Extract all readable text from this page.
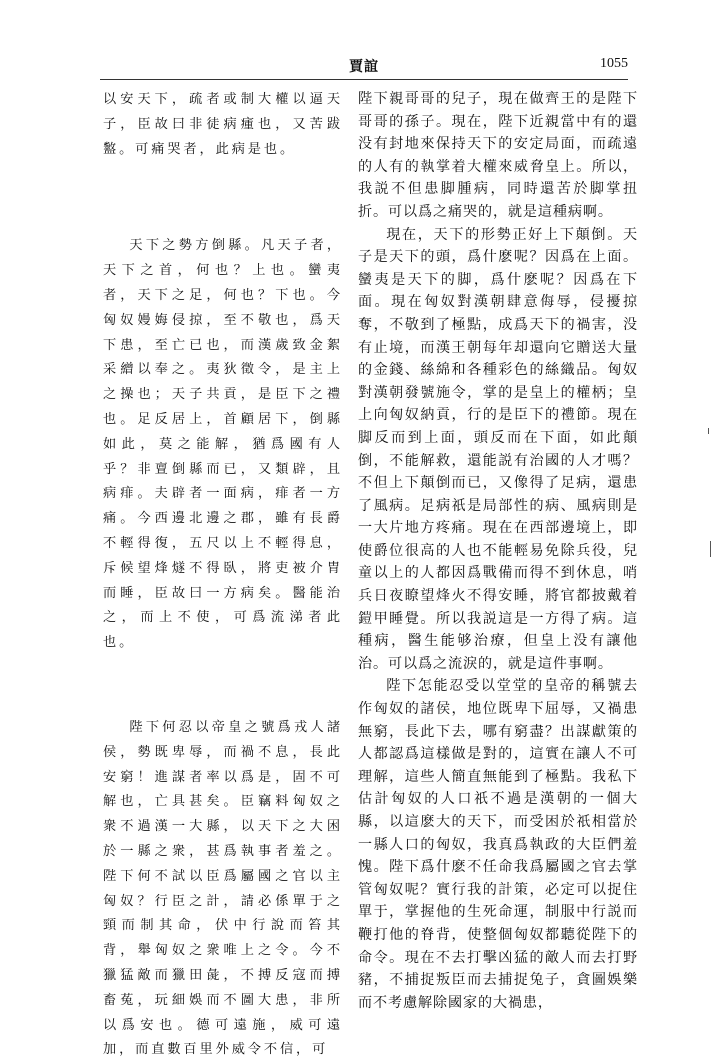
賈誼	1055

以安天下，疏者或制大權以逼天子，臣故曰非徒病瘇也，又苦跋盭。可痛哭者，此病是也。

天下之勢方倒縣。凡天子者，天下之首，何也？上也。蠻夷者，天下之足，何也？下也。今匈奴嫚娒侵掠，至不敬也，爲天下患，至亡已也，而漢歲致金絮采繒以奉之。夷狄徵令，是主上之操也；天子共貢，是臣下之禮也。足反居上，首顧居下，倒縣如此，莫之能解，猶爲國有人乎？非亶倒縣而已，又類辟，且病痱。夫辟者一面病，痱者一方痛。今西邊北邊之郡，雖有長爵不輕得復，五尺以上不輕得息，斥候望烽燧不得臥，將吏被介胄而睡，臣故曰一方病矣。醫能治之，而上不使，可爲流涕者此也。

陛下何忍以帝皇之號爲戎人諸侯，勢既卑辱，而禍不息，長此安窮！進謀者率以爲是，固不可解也，亡具甚矣。臣竊料匈奴之衆不過漢一大縣，以天下之大困於一縣之衆，甚爲執事者羞之。陛下何不試以臣爲屬國之官以主匈奴？行臣之計，請必係單于之頸而制其命，伏中行說而笞其背，舉匈奴之衆唯上之令。今不獵猛敵而獵田彘，不搏反寇而搏畜菟，玩細娛而不圖大患，非所以爲安也。德可遠施，威可遠加，而直數百里外威令不信，可

陛下親哥哥的兒子，現在做齊王的是陛下哥哥的孫子。現在，陛下近親當中有的還没有封地來保持天下的安定局面，而疏遠的人有的執掌着大權來威脅皇上。所以，我説不但患脚腫病，同時還苦於脚掌扭折。可以爲之痛哭的，就是這種病啊。

現在，天下的形勢正好上下顛倒。天子是天下的頭，爲什麽呢？因爲在上面。蠻夷是天下的脚，爲什麽呢？因爲在下面。現在匈奴對漢朝肆意侮辱，侵擾掠奪，不敬到了極點，成爲天下的禍害，没有止境，而漢王朝每年却還向它贈送大量的金錢、絲綿和各種彩色的絲織品。匈奴對漢朝發號施令，掌的是皇上的權柄；皇上向匈奴納貢，行的是臣下的禮節。現在脚反而到上面，頭反而在下面，如此顛倒，不能解救，還能説有治國的人才嗎？不但上下顛倒而已，又像得了足病，還患了風病。足病祇是局部性的病、風病則是一大片地方疼痛。現在在西部邊境上，即使爵位很高的人也不能輕易免除兵役，兒童以上的人都因爲戰備而得不到休息，哨兵日夜瞭望烽火不得安睡，將官都披戴着鎧甲睡覺。所以我説這是一方得了病。這種病，醫生能够治療，但皇上没有讓他治。可以爲之流淚的，就是這件事啊。

陛下怎能忍受以堂堂的皇帝的稱號去作匈奴的諸侯，地位既卑下屈辱，又禍患無窮，長此下去，哪有窮盡？出謀獻策的人都認爲這樣做是對的，這實在讓人不可理解，這些人簡直無能到了極點。我私下估計匈奴的人口祇不過是漢朝的一個大縣，以這麽大的天下，而受困於祇相當於一縣人口的匈奴，我真爲執政的大臣們羞愧。陛下爲什麽不任命我爲屬國之官去掌管匈奴呢？實行我的計策，必定可以捉住單于，掌握他的生死命運，制服中行説而鞭打他的脊背，使整個匈奴都聽從陛下的命令。現在不去打擊凶猛的敵人而去打野豬，不捕捉叛臣而去捕捉兔子，貪圖娛樂而不考慮解除國家的大禍患，
